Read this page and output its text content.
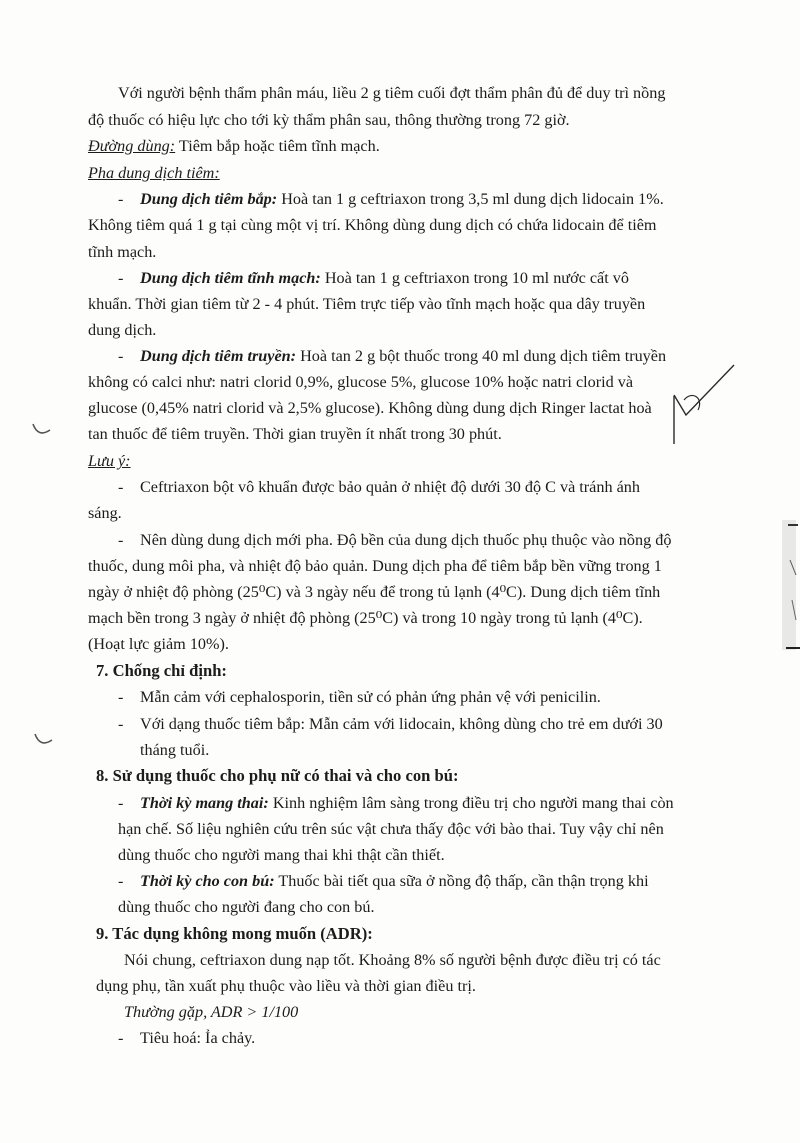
Với người bệnh thẩm phân máu, liều 2 g tiêm cuối đợt thẩm phân đủ để duy trì nồng
độ thuốc có hiệu lực cho tới kỳ thẩm phân sau, thông thường trong 72 giờ.
Đường dùng: Tiêm bắp hoặc tiêm tĩnh mạch.
Pha dung dịch tiêm:
- Dung dịch tiêm bắp: Hoà tan 1 g ceftriaxon trong 3,5 ml dung dịch lidocain 1%.
Không tiêm quá 1 g tại cùng một vị trí. Không dùng dung dịch có chứa lidocain để tiêm
tĩnh mạch.
- Dung dịch tiêm tĩnh mạch: Hoà tan 1 g ceftriaxon trong 10 ml nước cất vô
khuẩn. Thời gian tiêm từ 2 - 4 phút. Tiêm trực tiếp vào tĩnh mạch hoặc qua dây truyền
dung dịch.
- Dung dịch tiêm truyền: Hoà tan 2 g bột thuốc trong 40 ml dung dịch tiêm truyền
không có calci như: natri clorid 0,9%, glucose 5%, glucose 10% hoặc natri clorid và
glucose (0,45% natri clorid và 2,5% glucose). Không dùng dung dịch Ringer lactat hoà
tan thuốc để tiêm truyền. Thời gian truyền ít nhất trong 30 phút.
Lưu ý:
- Ceftriaxon bột vô khuẩn được bảo quản ở nhiệt độ dưới 30 độ C và tránh ánh
sáng.
- Nên dùng dung dịch mới pha. Độ bền của dung dịch thuốc phụ thuộc vào nồng độ
thuốc, dung môi pha, và nhiệt độ bảo quản. Dung dịch pha để tiêm bắp bền vững trong 1
ngày ở nhiệt độ phòng (25⁰C) và 3 ngày nếu để trong tủ lạnh (4⁰C). Dung dịch tiêm tĩnh
mạch bền trong 3 ngày ở nhiệt độ phòng (25⁰C) và trong 10 ngày trong tủ lạnh (4⁰C).
(Hoạt lực giảm 10%).
7. Chống chỉ định:
- Mẫn cảm với cephalosporin, tiền sử có phản ứng phản vệ với penicilin.
- Với dạng thuốc tiêm bắp: Mẫn cảm với lidocain, không dùng cho trẻ em dưới 30
tháng tuổi.
8. Sử dụng thuốc cho phụ nữ có thai và cho con bú:
- Thời kỳ mang thai: Kinh nghiệm lâm sàng trong điều trị cho người mang thai còn
hạn chế. Số liệu nghiên cứu trên súc vật chưa thấy độc với bào thai. Tuy vậy chỉ nên
dùng thuốc cho người mang thai khi thật cần thiết.
- Thời kỳ cho con bú: Thuốc bài tiết qua sữa ở nồng độ thấp, cần thận trọng khi
dùng thuốc cho người đang cho con bú.
9. Tác dụng không mong muốn (ADR):
Nói chung, ceftriaxon dung nạp tốt. Khoảng 8% số người bệnh được điều trị có tác
dụng phụ, tần xuất phụ thuộc vào liều và thời gian điều trị.
Thường gặp, ADR > 1/100
- Tiêu hoá: Ỉa chảy.
